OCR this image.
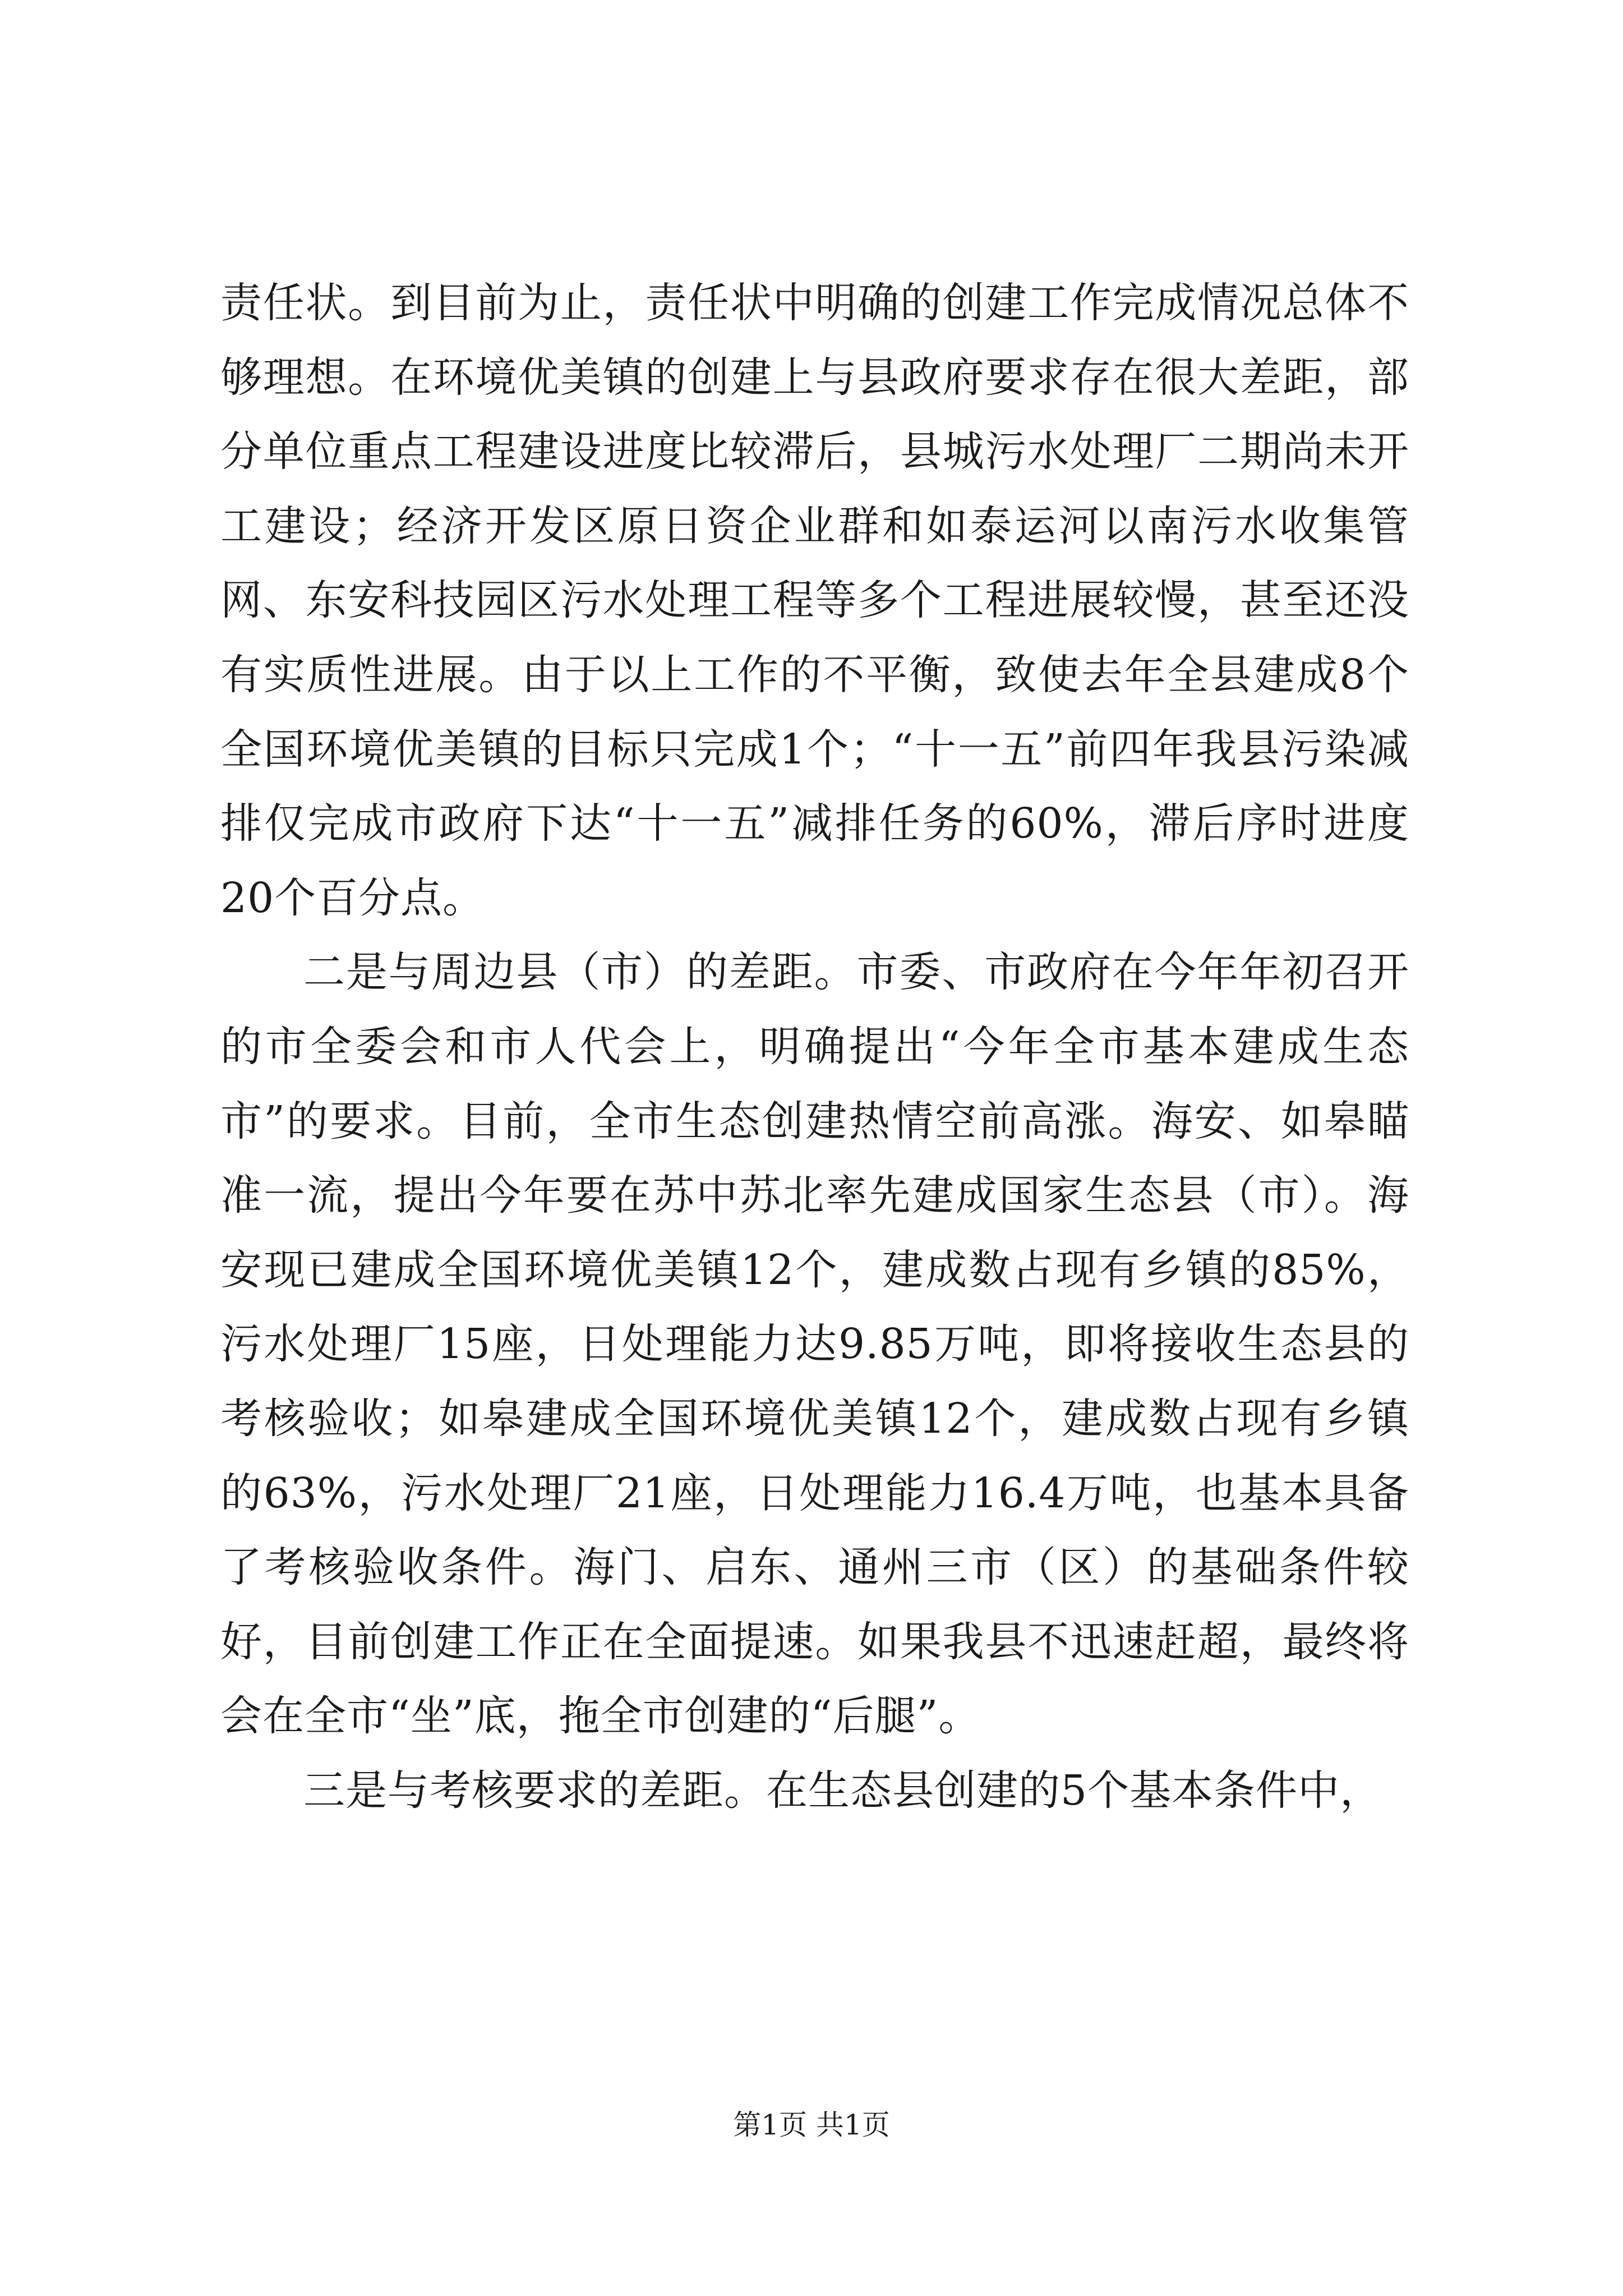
责任状。到目前为止，责任状中明确的创建工作完成情况总体不够理想。在环境优美镇的创建上与县政府要求存在很大差距，部分单位重点工程建设进度比较滞后，县城污水处理厂二期尚未开工建设；经济开发区原日资企业群和如泰运河以南污水收集管网、东安科技园区污水处理工程等多个工程进展较慢，甚至还没有实质性进展。由于以上工作的不平衡，致使去年全县建成8个全国环境优美镇的目标只完成1个；“十一五”前四年我县污染减排仅完成市政府下达“十一五”减排任务的60%，滞后序时进度20个百分点。

二是与周边县（市）的差距。市委、市政府在今年年初召开的市全委会和市人代会上，明确提出“今年全市基本建成生态市”的要求。目前，全市生态创建热情空前高涨。海安、如皋瞄准一流，提出今年要在苏中苏北率先建成国家生态县（市）。海安现已建成全国环境优美镇12个，建成数占现有乡镇的85%，污水处理厂15座，日处理能力达9.85万吨，即将接收生态县的考核验收；如皋建成全国环境优美镇12个，建成数占现有乡镇的63%，污水处理厂21座，日处理能力16.4万吨，也基本具备了考核验收条件。海门、启东、通州三市（区）的基础条件较好，目前创建工作正在全面提速。如果我县不迅速赶超，最终将会在全市“坐”底，拖全市创建的“后腿”。

三是与考核要求的差距。在生态县创建的5个基本条件中，

第1页 共1页
